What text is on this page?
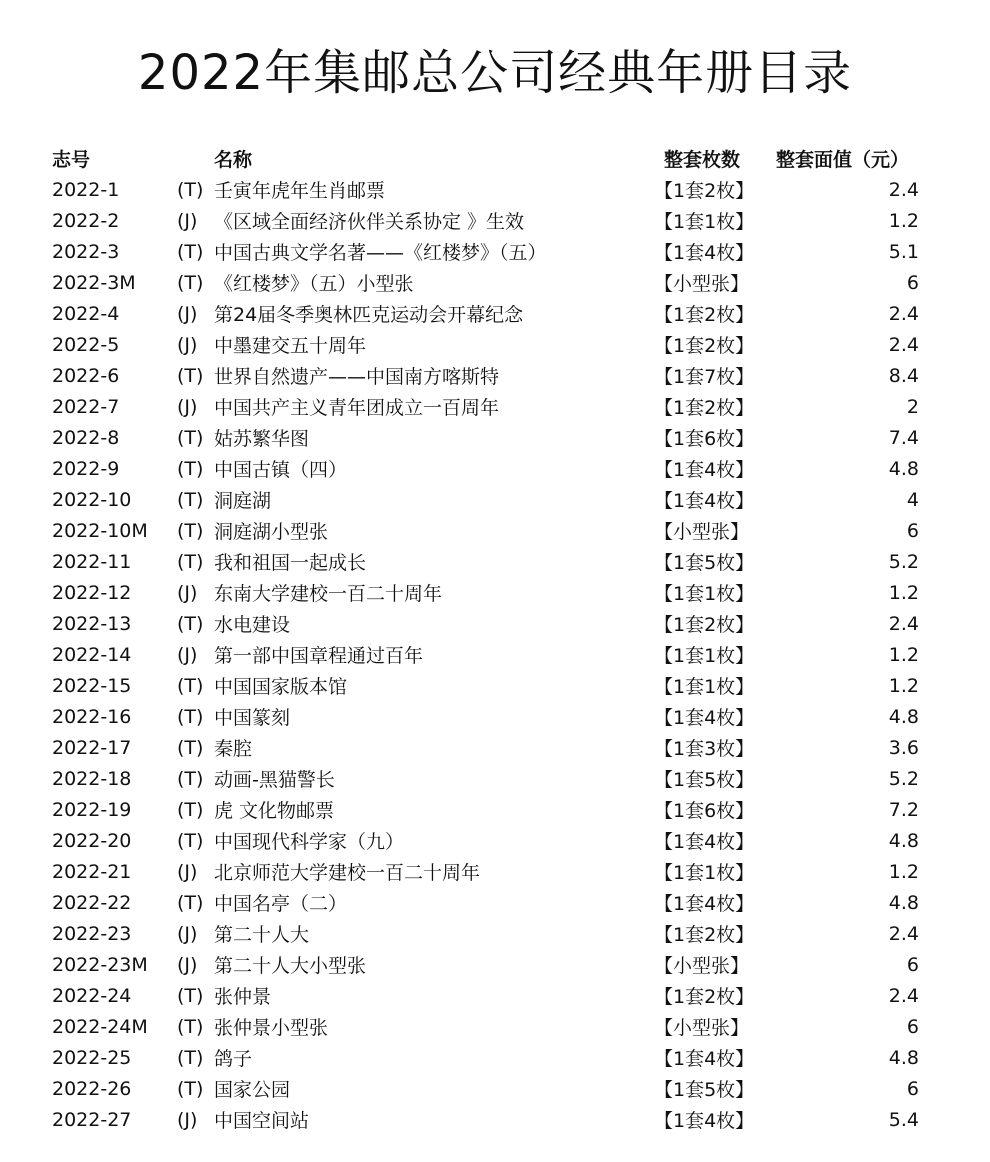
2022年集邮总公司经典年册目录
志号	名称	整套枚数	整套面值（元）
2022-1	(T) 壬寅年虎年生肖邮票	【1套2枚】	2.4
2022-2	(J) 《区域全面经济伙伴关系协定 》生效	【1套1枚】	1.2
2022-3	(T) 中国古典文学名著——《红楼梦》（五）	【1套4枚】	5.1
2022-3M	(T) 《红楼梦》（五）小型张	【小型张】	6
2022-4	(J) 第24届冬季奥林匹克运动会开幕纪念	【1套2枚】	2.4
2022-5	(J) 中墨建交五十周年	【1套2枚】	2.4
2022-6	(T) 世界自然遗产——中国南方喀斯特	【1套7枚】	8.4
2022-7	(J) 中国共产主义青年团成立一百周年	【1套2枚】	2
2022-8	(T) 姑苏繁华图	【1套6枚】	7.4
2022-9	(T) 中国古镇（四）	【1套4枚】	4.8
2022-10	(T) 洞庭湖	【1套4枚】	4
2022-10M	(T) 洞庭湖小型张	【小型张】	6
2022-11	(T) 我和祖国一起成长	【1套5枚】	5.2
2022-12	(J) 东南大学建校一百二十周年	【1套1枚】	1.2
2022-13	(T) 水电建设	【1套2枚】	2.4
2022-14	(J) 第一部中国章程通过百年	【1套1枚】	1.2
2022-15	(T) 中国国家版本馆	【1套1枚】	1.2
2022-16	(T) 中国篆刻	【1套4枚】	4.8
2022-17	(T) 秦腔	【1套3枚】	3.6
2022-18	(T) 动画-黑猫警长	【1套5枚】	5.2
2022-19	(T) 虎 文化物邮票	【1套6枚】	7.2
2022-20	(T) 中国现代科学家（九）	【1套4枚】	4.8
2022-21	(J) 北京师范大学建校一百二十周年	【1套1枚】	1.2
2022-22	(T) 中国名亭（二）	【1套4枚】	4.8
2022-23	(J) 第二十人大	【1套2枚】	2.4
2022-23M	(J) 第二十人大小型张	【小型张】	6
2022-24	(T) 张仲景	【1套2枚】	2.4
2022-24M	(T) 张仲景小型张	【小型张】	6
2022-25	(T) 鸽子	【1套4枚】	4.8
2022-26	(T) 国家公园	【1套5枚】	6
2022-27	(J) 中国空间站	【1套4枚】	5.4
